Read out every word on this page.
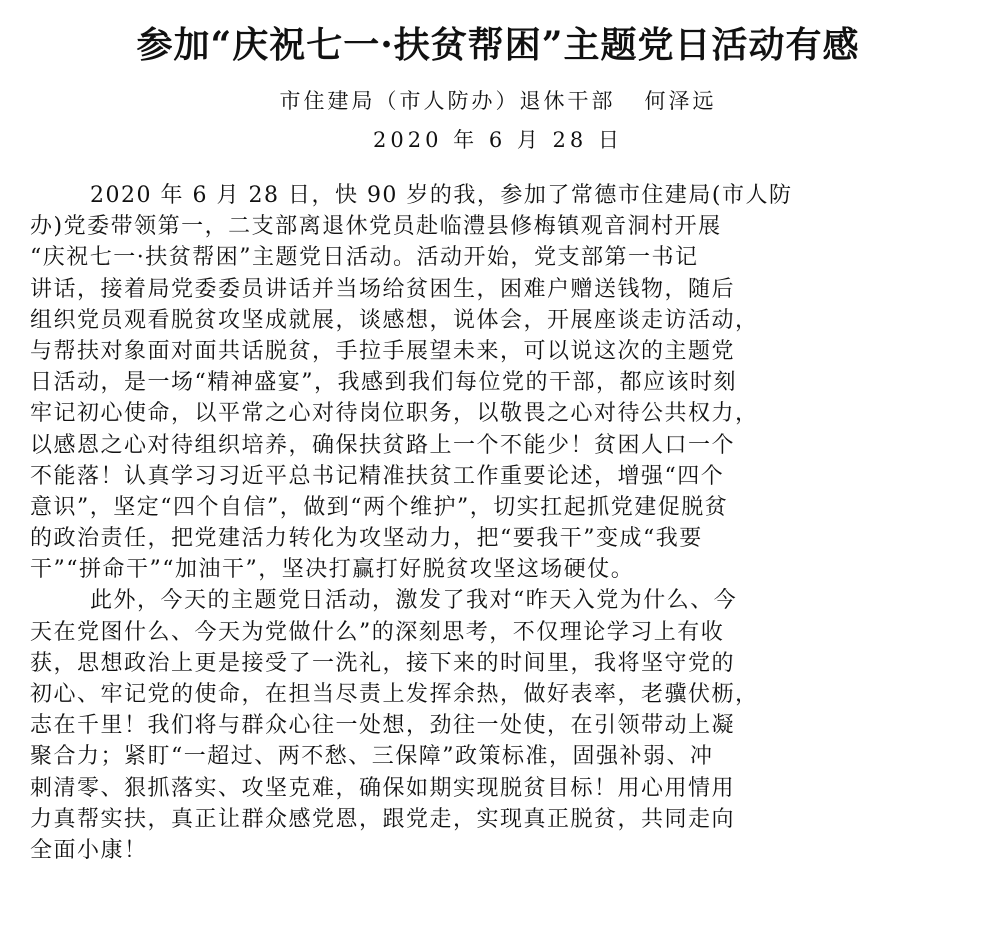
参加“庆祝七一·扶贫帮困”主题党日活动有感
市住建局（市人防办）退休干部   何泽远
2020 年 6 月 28 日
2020 年 6 月 28 日，快 90 岁的我，参加了常德市住建局(市人防
办)党委带领第一，二支部离退休党员赴临澧县修梅镇观音洞村开展
“庆祝七一·扶贫帮困”主题党日活动。活动开始，党支部第一书记
讲话，接着局党委委员讲话并当场给贫困生，困难户赠送钱物，随后
组织党员观看脱贫攻坚成就展，谈感想，说体会，开展座谈走访活动，
与帮扶对象面对面共话脱贫，手拉手展望未来，可以说这次的主题党
日活动，是一场“精神盛宴”，我感到我们每位党的干部，都应该时刻
牢记初心使命，以平常之心对待岗位职务，以敬畏之心对待公共权力，
以感恩之心对待组织培养，确保扶贫路上一个不能少！贫困人口一个
不能落！认真学习习近平总书记精准扶贫工作重要论述，增强“四个
意识”，坚定“四个自信”，做到“两个维护”，切实扛起抓党建促脱贫
的政治责任，把党建活力转化为攻坚动力，把“要我干”变成“我要
干”“拼命干”“加油干”，坚决打赢打好脱贫攻坚这场硬仗。
此外，今天的主题党日活动，激发了我对“昨天入党为什么、今
天在党图什么、今天为党做什么”的深刻思考，不仅理论学习上有收
获，思想政治上更是接受了一洗礼，接下来的时间里，我将坚守党的
初心、牢记党的使命，在担当尽责上发挥余热，做好表率，老骥伏枥，
志在千里！我们将与群众心往一处想，劲往一处使，在引领带动上凝
聚合力；紧盯“一超过、两不愁、三保障”政策标准，固强补弱、冲
刺清零、狠抓落实、攻坚克难，确保如期实现脱贫目标！用心用情用
力真帮实扶，真正让群众感党恩，跟党走，实现真正脱贫，共同走向
全面小康！
